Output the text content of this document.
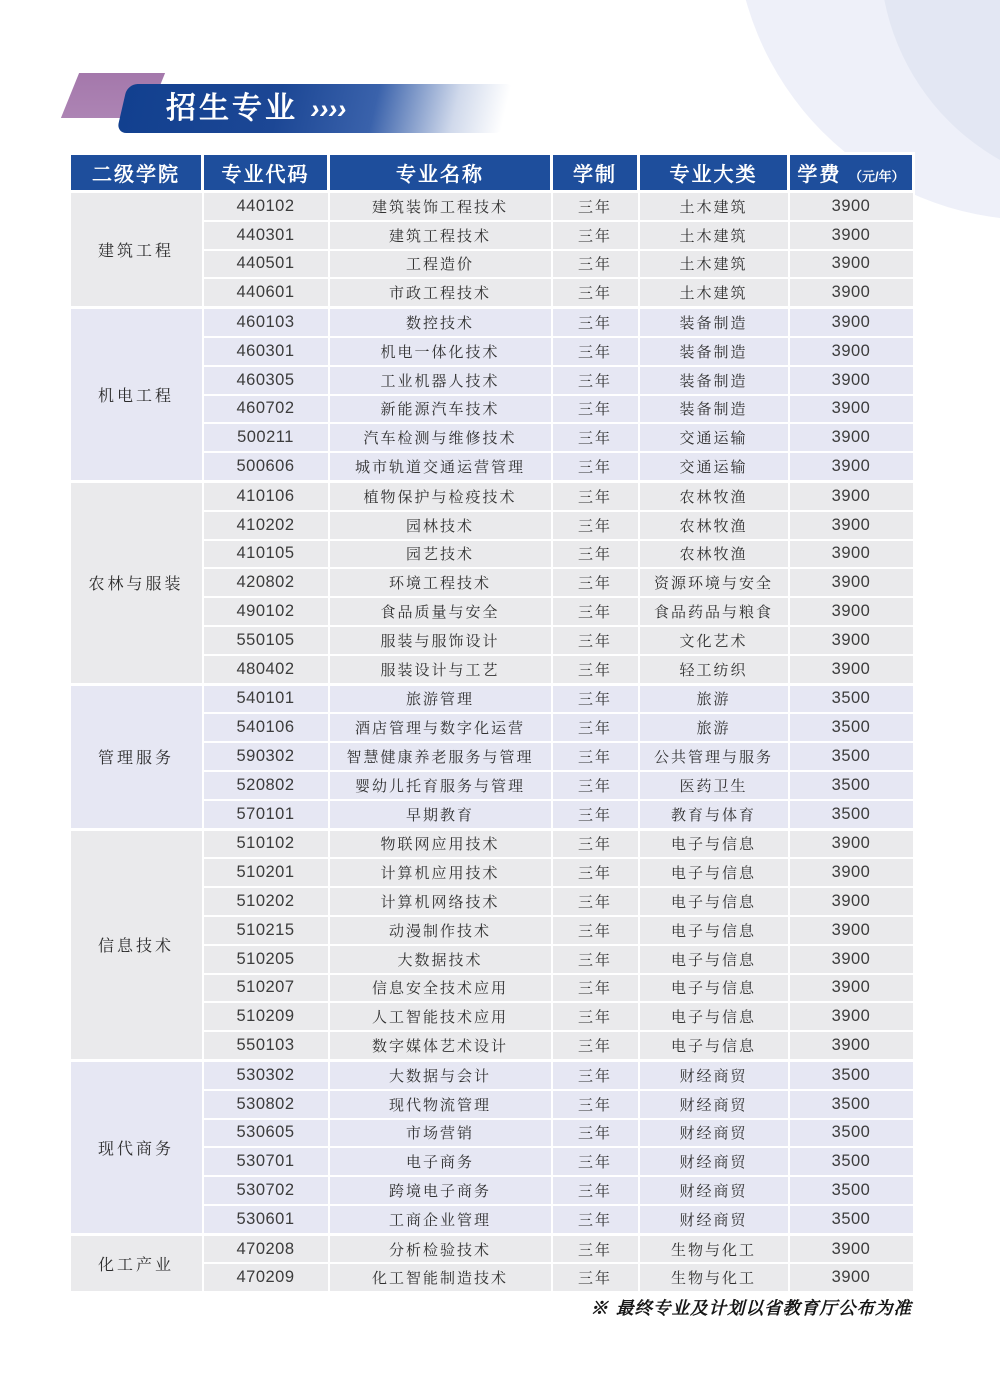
招生专业 ››››
二级学院	专业代码	专业名称	学制	专业大类	学费 （元/年）
建筑工程	440102	建筑装饰工程技术	三年	土木建筑	3900
	440301	建筑工程技术	三年	土木建筑	3900
	440501	工程造价	三年	土木建筑	3900
	440601	市政工程技术	三年	土木建筑	3900
机电工程	460103	数控技术	三年	装备制造	3900
	460301	机电一体化技术	三年	装备制造	3900
	460305	工业机器人技术	三年	装备制造	3900
	460702	新能源汽车技术	三年	装备制造	3900
	500211	汽车检测与维修技术	三年	交通运输	3900
	500606	城市轨道交通运营管理	三年	交通运输	3900
农林与服装	410106	植物保护与检疫技术	三年	农林牧渔	3900
	410202	园林技术	三年	农林牧渔	3900
	410105	园艺技术	三年	农林牧渔	3900
	420802	环境工程技术	三年	资源环境与安全	3900
	490102	食品质量与安全	三年	食品药品与粮食	3900
	550105	服装与服饰设计	三年	文化艺术	3900
	480402	服装设计与工艺	三年	轻工纺织	3900
管理服务	540101	旅游管理	三年	旅游	3500
	540106	酒店管理与数字化运营	三年	旅游	3500
	590302	智慧健康养老服务与管理	三年	公共管理与服务	3500
	520802	婴幼儿托育服务与管理	三年	医药卫生	3500
	570101	早期教育	三年	教育与体育	3500
信息技术	510102	物联网应用技术	三年	电子与信息	3900
	510201	计算机应用技术	三年	电子与信息	3900
	510202	计算机网络技术	三年	电子与信息	3900
	510215	动漫制作技术	三年	电子与信息	3900
	510205	大数据技术	三年	电子与信息	3900
	510207	信息安全技术应用	三年	电子与信息	3900
	510209	人工智能技术应用	三年	电子与信息	3900
	550103	数字媒体艺术设计	三年	电子与信息	3900
现代商务	530302	大数据与会计	三年	财经商贸	3500
	530802	现代物流管理	三年	财经商贸	3500
	530605	市场营销	三年	财经商贸	3500
	530701	电子商务	三年	财经商贸	3500
	530702	跨境电子商务	三年	财经商贸	3500
	530601	工商企业管理	三年	财经商贸	3500
化工产业	470208	分析检验技术	三年	生物与化工	3900
	470209	化工智能制造技术	三年	生物与化工	3900
※ 最终专业及计划以省教育厅公布为准
